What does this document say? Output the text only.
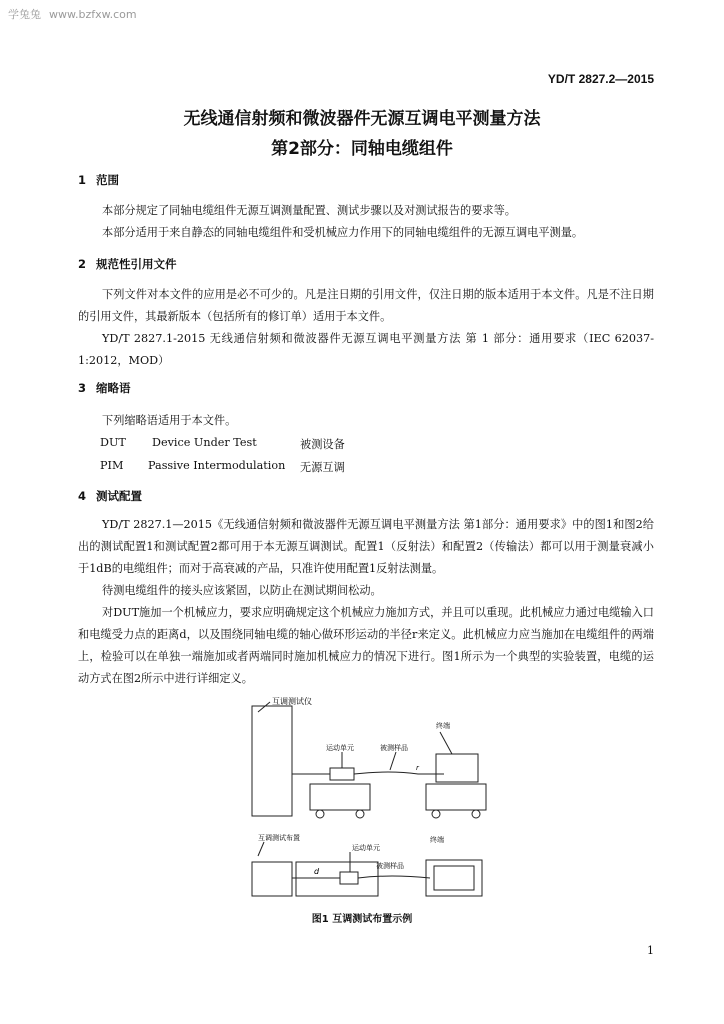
学兔兔 www.bzfxw.com
YD/T 2827.2—2015
无线通信射频和微波器件无源互调电平测量方法
第2部分：同轴电缆组件
1 范围
本部分规定了同轴电缆组件无源互调测量配置、测试步骤以及对测试报告的要求等。
本部分适用于来自静态的同轴电缆组件和受机械应力作用下的同轴电缆组件的无源互调电平测量。
2 规范性引用文件
下列文件对本文件的应用是必不可少的。凡是注日期的引用文件，仅注日期的版本适用于本文件。凡是不注日期的引用文件，其最新版本（包括所有的修订单）适用于本文件。
YD/T 2827.1-2015 无线通信射频和微波器件无源互调电平测量方法 第 1 部分：通用要求（IEC 62037-1:2012，MOD）
3 缩略语
下列缩略语适用于本文件。
DUT Device Under Test	被测设备
PIM Passive Intermodulation 无源互调
4 测试配置
YD/T 2827.1—2015《无线通信射频和微波器件无源互调电平测量方法 第1部分：通用要求》中的图1和图2给出的测试配置1和测试配置2都可用于本无源互调测试。配置1（反射法）和配置2（传输法）都可以用于测量衰减小于1dB的电缆组件；而对于高衰减的产品，只准许使用配置1反射法测量。
待测电缆组件的接头应该紧固，以防止在测试期间松动。
对DUT施加一个机械应力，要求应明确规定这个机械应力施加方式，并且可以重现。此机械应力通过电缆输入口和电缆受力点的距离d，以及围绕同轴电缆的轴心做环形运动的半径r来定义。此机械应力应当施加在电缆组件的两端上，检验可以在单独一端施加或者两端同时施加机械应力的情况下进行。图1所示为一个典型的实验装置，电缆的运动方式在图2所示中进行详细定义。
互调测试仪
终端
运动单元	被测样品
r
互调测试布置	终端
运动单元
被测样品
d
图1 互调测试布置示例
1
